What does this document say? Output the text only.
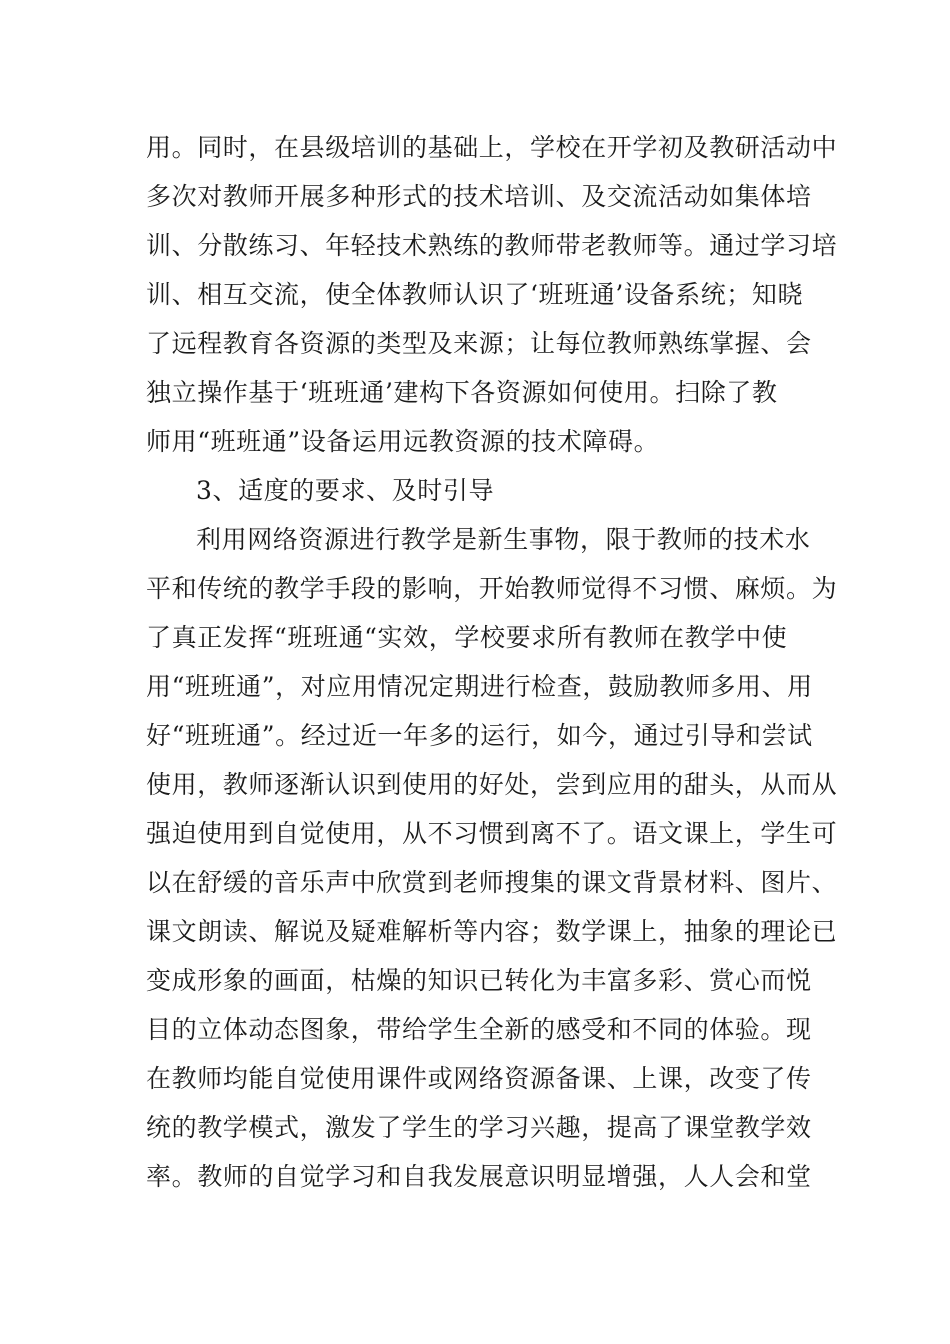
用。同时，在县级培训的基础上，学校在开学初及教研活动中
多次对教师开展多种形式的技术培训、及交流活动如集体培
训、分散练习、年轻技术熟练的教师带老教师等。通过学习培
训、相互交流，使全体教师认识了‘班班通’设备系统；知晓
了远程教育各资源的类型及来源；让每位教师熟练掌握、会
独立操作基于‘班班通’建构下各资源如何使用。扫除了教
师用“班班通”设备运用远教资源的技术障碍。
3、适度的要求、及时引导
利用网络资源进行教学是新生事物，限于教师的技术水
平和传统的教学手段的影响，开始教师觉得不习惯、麻烦。为
了真正发挥“班班通“实效，学校要求所有教师在教学中使
用“班班通”，对应用情况定期进行检查，鼓励教师多用、用
好“班班通”。经过近一年多的运行，如今，通过引导和尝试
使用，教师逐渐认识到使用的好处，尝到应用的甜头，从而从
强迫使用到自觉使用，从不习惯到离不了。语文课上，学生可
以在舒缓的音乐声中欣赏到老师搜集的课文背景材料、图片、
课文朗读、解说及疑难解析等内容；数学课上，抽象的理论已
变成形象的画面，枯燥的知识已转化为丰富多彩、赏心而悦
目的立体动态图象，带给学生全新的感受和不同的体验。现
在教师均能自觉使用课件或网络资源备课、上课，改变了传
统的教学模式，激发了学生的学习兴趣，提高了课堂教学效
率。教师的自觉学习和自我发展意识明显增强，人人会和堂
